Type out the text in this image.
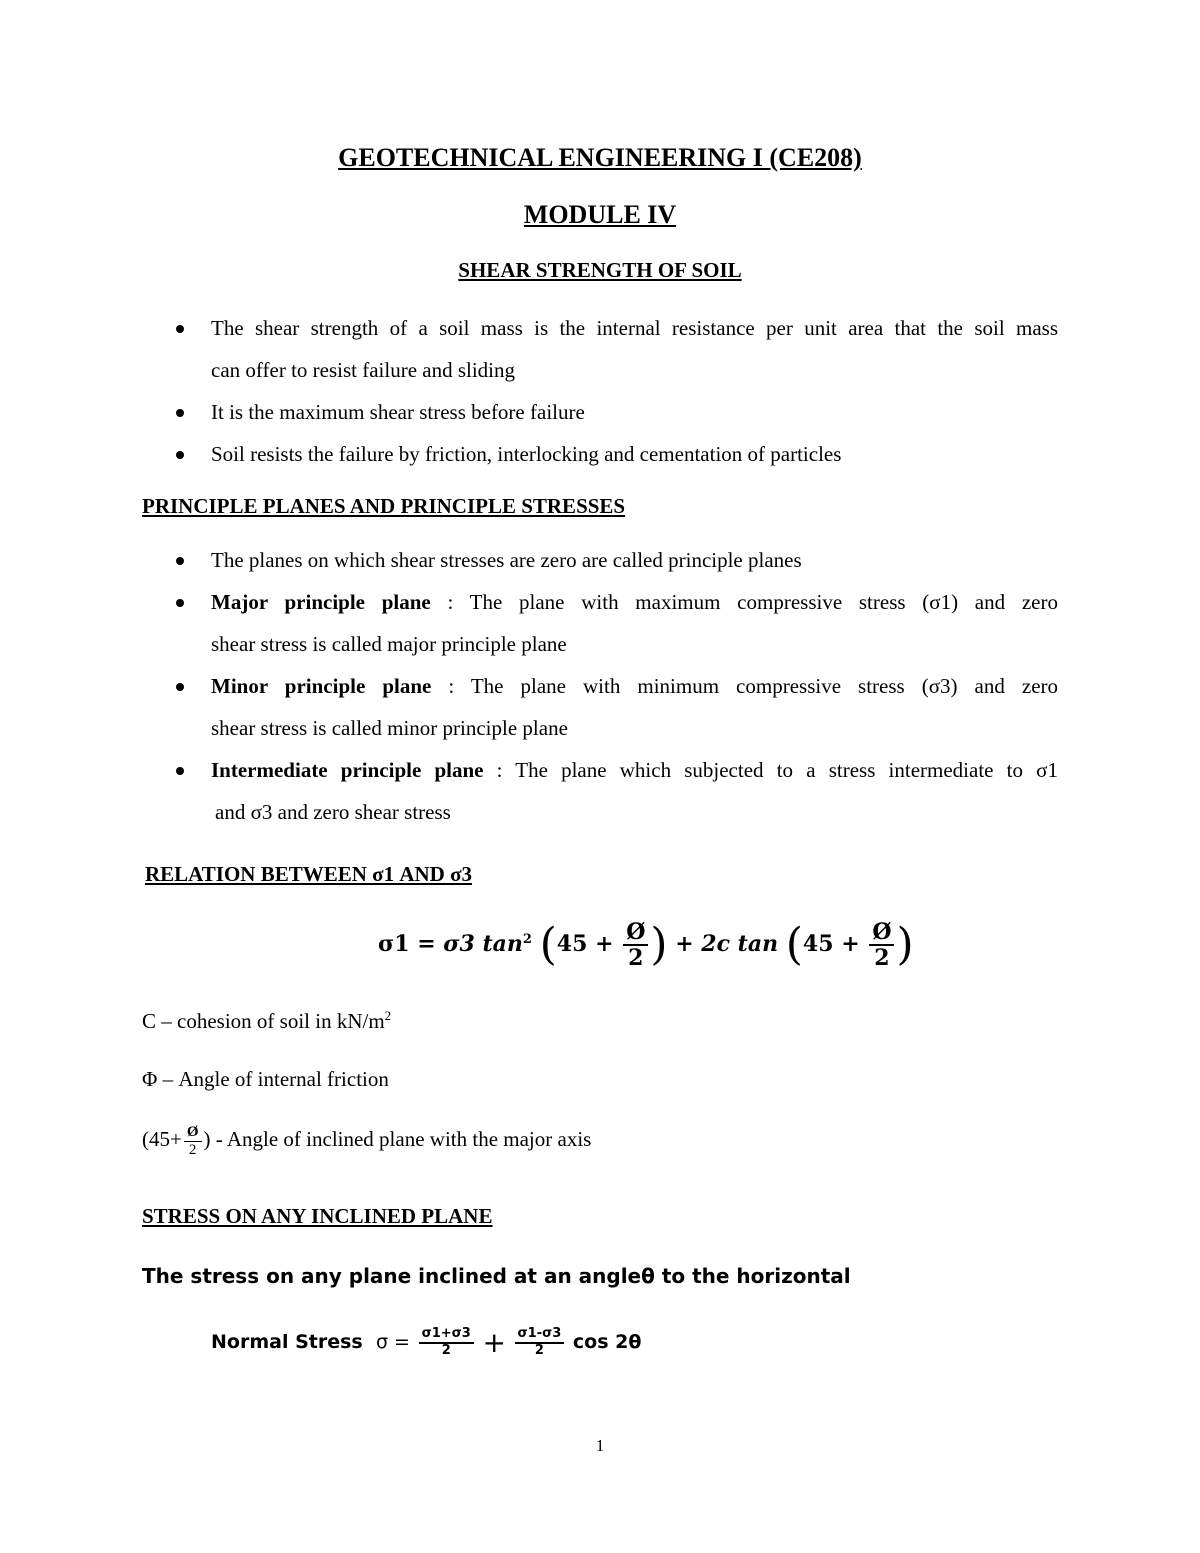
GEOTECHNICAL ENGINEERING I (CE208)
MODULE IV
SHEAR STRENGTH OF SOIL
The shear strength of a soil mass is the internal resistance per unit area that the soil mass
can offer to resist failure and sliding
It is the maximum shear stress before failure
Soil resists the failure by friction, interlocking and cementation of particles
PRINCIPLE PLANES AND PRINCIPLE STRESSES
The planes on which shear stresses are zero are called principle planes
Major principle plane : The plane with maximum compressive stress (σ1) and zero
shear stress is called major principle plane
Minor principle plane : The plane with minimum compressive stress (σ3) and zero
shear stress is called minor principle plane
Intermediate principle plane : The plane which subjected to a stress intermediate to σ1
and σ3 and zero shear stress
RELATION BETWEEN σ1 AND σ3
σ1 = σ3 $\tan^2 (45 + \frac{Ø}{2}$ ) + 2c $\tan (45 + \frac{Ø}{2}$ )
C – cohesion of soil in $kN/m^2$
Φ – Angle of internal friction
($45+ \frac{Ø}{2}$ ) - Angle of inclined plane with the major axis
STRESS ON ANY INCLINED PLANE
The stress on any plane inclined at an angleθ to the horizontal
Normal Stress $\sigma = \frac{\sigma 1+\sigma 3}{2} + \frac{\sigma 1-\sigma 3}{2}$ cos 2θ
1
